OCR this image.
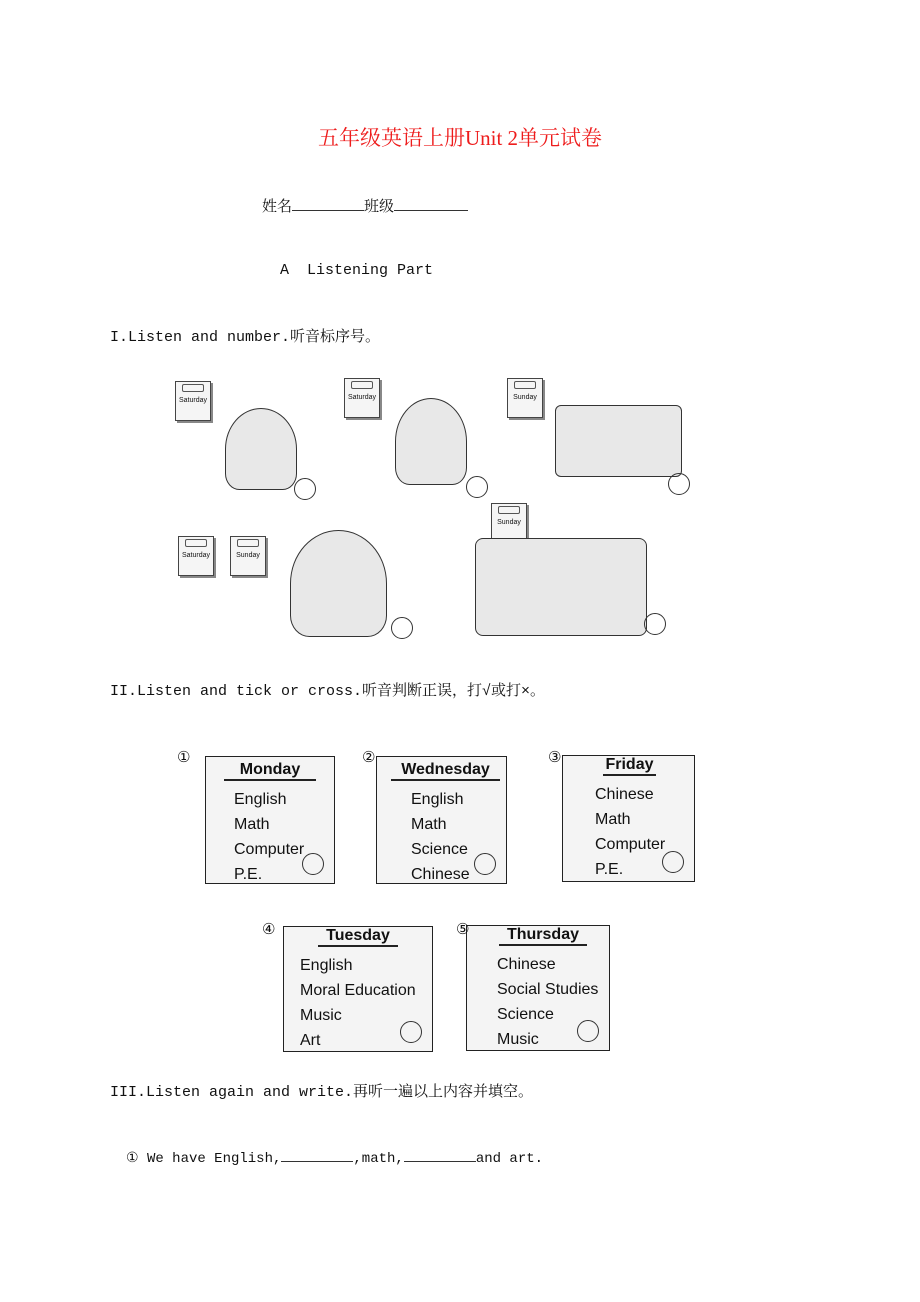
五年级英语上册Unit 2单元试卷
姓名	班级
A  Listening Part
I.Listen and number.听音标序号。
Saturday	Saturday	Sunday
Saturday	Sunday
Sunday
II.Listen and tick or cross.听音判断正误，打√或打×。
①
Monday
English
Math
Computer
P.E.
②
Wednesday
English
Math
Science
Chinese
③	Friday
Chinese
Math
Computer
P.E.
④	Tuesday
English
Moral Education
Music
Art
⑤	Thursday
Chinese
Social Studies
Science
Music
III.Listen again and write.再听一遍以上内容并填空。
① We have English,	,math,	and art.
